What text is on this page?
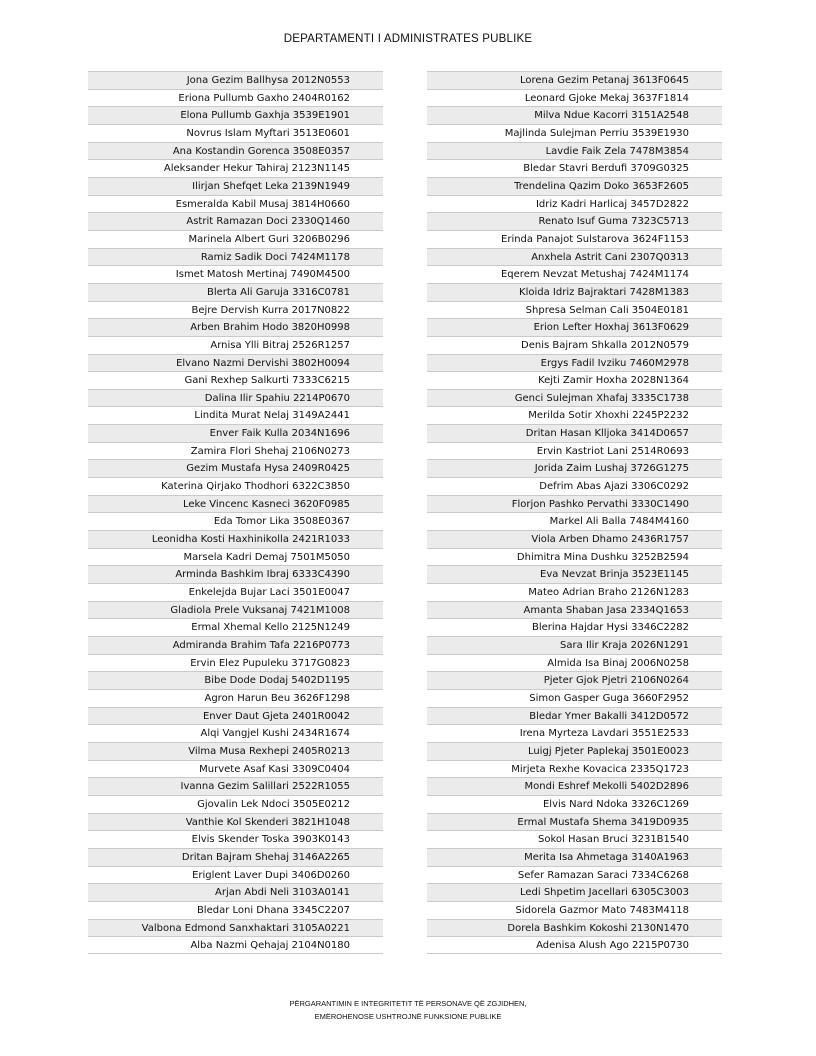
DEPARTAMENTI I ADMINISTRATES PUBLIKE
Jona Gezim Ballhysa 2012N0553
Eriona Pullumb Gaxho 2404R0162
Elona Pullumb Gaxhja 3539E1901
Novrus Islam Myftari 3513E0601
Ana Kostandin Gorenca 3508E0357
Aleksander Hekur Tahiraj 2123N1145
Ilirjan Shefqet Leka 2139N1949
Esmeralda Kabil Musaj 3814H0660
Astrit Ramazan Doci 2330Q1460
Marinela Albert Guri 3206B0296
Ramiz Sadik Doci 7424M1178
Ismet Matosh Mertinaj 7490M4500
Blerta Ali Garuja 3316C0781
Bejre Dervish Kurra 2017N0822
Arben Brahim Hodo 3820H0998
Arnisa Ylli Bitraj 2526R1257
Elvano Nazmi Dervishi 3802H0094
Gani Rexhep Salkurti 7333C6215
Dalina Ilir Spahiu 2214P0670
Lindita Murat Nelaj 3149A2441
Enver Faik Kulla 2034N1696
Zamira Flori Shehaj 2106N0273
Gezim Mustafa Hysa 2409R0425
Katerina Qirjako Thodhori 6322C3850
Leke Vincenc Kasneci 3620F0985
Eda Tomor Lika 3508E0367
Leonidha Kosti Haxhinikolla 2421R1033
Marsela Kadri Demaj 7501M5050
Arminda Bashkim Ibraj 6333C4390
Enkelejda Bujar Laci 3501E0047
Gladiola Prele Vuksanaj 7421M1008
Ermal Xhemal Kello 2125N1249
Admiranda Brahim Tafa 2216P0773
Ervin Elez Pupuleku 3717G0823
Bibe Dode Dodaj 5402D1195
Agron Harun Beu 3626F1298
Enver Daut Gjeta 2401R0042
Alqi Vangjel Kushi 2434R1674
Vilma Musa Rexhepi 2405R0213
Murvete Asaf Kasi 3309C0404
Ivanna Gezim Salillari 2522R1055
Gjovalin Lek Ndoci 3505E0212
Vanthie Kol Skenderi 3821H1048
Elvis Skender Toska 3903K0143
Dritan Bajram Shehaj 3146A2265
Eriglent Laver Dupi 3406D0260
Arjan Abdi Neli 3103A0141
Bledar Loni Dhana 3345C2207
Valbona Edmond Sanxhaktari 3105A0221
Alba Nazmi Qehajaj 2104N0180
Lorena Gezim Petanaj 3613F0645
Leonard Gjoke Mekaj 3637F1814
Milva Ndue Kacorri 3151A2548
Majlinda Sulejman Perriu 3539E1930
Lavdie Faik Zela 7478M3854
Bledar Stavri Berdufi 3709G0325
Trendelina Qazim Doko 3653F2605
Idriz Kadri Harlicaj 3457D2822
Renato Isuf Guma 7323C5713
Erinda Panajot Sulstarova 3624F1153
Anxhela Astrit Cani 2307Q0313
Eqerem Nevzat Metushaj 7424M1174
Kloida Idriz Bajraktari 7428M1383
Shpresa Selman Cali 3504E0181
Erion Lefter Hoxhaj 3613F0629
Denis Bajram Shkalla 2012N0579
Ergys Fadil Ivziku 7460M2978
Kejti Zamir Hoxha 2028N1364
Genci Sulejman Xhafaj 3335C1738
Merilda Sotir Xhoxhi 2245P2232
Dritan Hasan Klljoka 3414D0657
Ervin Kastriot Lani 2514R0693
Jorida Zaim Lushaj 3726G1275
Defrim Abas Ajazi 3306C0292
Florjon Pashko Pervathi 3330C1490
Markel Ali Balla 7484M4160
Viola Arben Dhamo 2436R1757
Dhimitra Mina Dushku 3252B2594
Eva Nevzat Brinja 3523E1145
Mateo Adrian Braho 2126N1283
Amanta Shaban Jasa 2334Q1653
Blerina Hajdar Hysi 3346C2282
Sara Ilir Kraja 2026N1291
Almida Isa Binaj 2006N0258
Pjeter Gjok Pjetri 2106N0264
Simon Gasper Guga 3660F2952
Bledar Ymer Bakalli 3412D0572
Irena Myrteza Lavdari 3551E2533
Luigj Pjeter Paplekaj 3501E0023
Mirjeta Rexhe Kovacica 2335Q1723
Mondi Eshref Mekolli 5402D2896
Elvis Nard Ndoka 3326C1269
Ermal Mustafa Shema 3419D0935
Sokol Hasan Bruci 3231B1540
Merita Isa Ahmetaga 3140A1963
Sefer Ramazan Saraci 7334C6268
Ledi Shpetim Jacellari 6305C3003
Sidorela Gazmor Mato 7483M4118
Dorela Bashkim Kokoshi 2130N1470
Adenisa Alush Ago 2215P0730
PËRGARANTIMIN E INTEGRITETIT TË PERSONAVE QË ZGJIDHEN,
EMËROHENOSE USHTROJNË FUNKSIONE PUBLIKE
